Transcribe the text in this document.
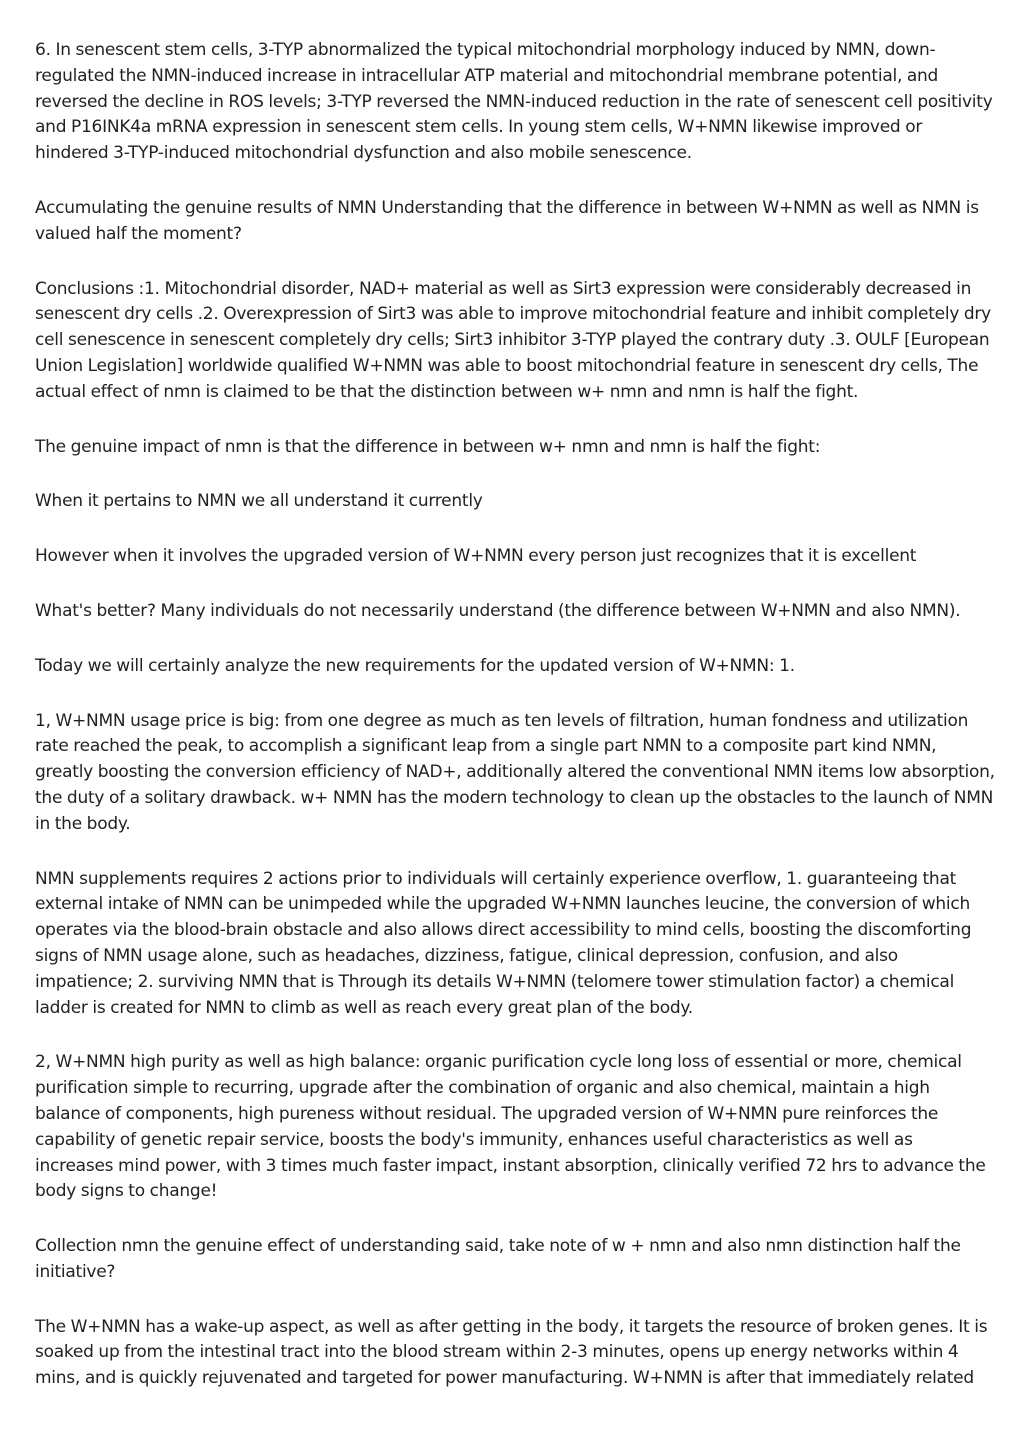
6. In senescent stem cells, 3-TYP abnormalized the typical mitochondrial morphology induced by NMN, down-regulated the NMN-induced increase in intracellular ATP material and mitochondrial membrane potential, and reversed the decline in ROS levels; 3-TYP reversed the NMN-induced reduction in the rate of senescent cell positivity and P16INK4a mRNA expression in senescent stem cells. In young stem cells, W+NMN likewise improved or hindered 3-TYP-induced mitochondrial dysfunction and also mobile senescence.

Accumulating the genuine results of NMN Understanding that the difference in between W+NMN as well as NMN is valued half the moment?

Conclusions :1. Mitochondrial disorder, NAD+ material as well as Sirt3 expression were considerably decreased in senescent dry cells .2. Overexpression of Sirt3 was able to improve mitochondrial feature and inhibit completely dry cell senescence in senescent completely dry cells; Sirt3 inhibitor 3-TYP played the contrary duty .3. OULF [European Union Legislation] worldwide qualified W+NMN was able to boost mitochondrial feature in senescent dry cells, The actual effect of nmn is claimed to be that the distinction between w+ nmn and nmn is half the fight.

The genuine impact of nmn is that the difference in between w+ nmn and nmn is half the fight:

When it pertains to NMN we all understand it currently

However when it involves the upgraded version of W+NMN every person just recognizes that it is excellent

What's better? Many individuals do not necessarily understand (the difference between W+NMN and also NMN).

Today we will certainly analyze the new requirements for the updated version of W+NMN: 1.

1, W+NMN usage price is big: from one degree as much as ten levels of filtration, human fondness and utilization rate reached the peak, to accomplish a significant leap from a single part NMN to a composite part kind NMN, greatly boosting the conversion efficiency of NAD+, additionally altered the conventional NMN items low absorption, the duty of a solitary drawback. w+ NMN has the modern technology to clean up the obstacles to the launch of NMN in the body.

NMN supplements requires 2 actions prior to individuals will certainly experience overflow, 1. guaranteeing that external intake of NMN can be unimpeded while the upgraded W+NMN launches leucine, the conversion of which operates via the blood-brain obstacle and also allows direct accessibility to mind cells, boosting the discomforting signs of NMN usage alone, such as headaches, dizziness, fatigue, clinical depression, confusion, and also impatience; 2. surviving NMN that is Through its details W+NMN (telomere tower stimulation factor) a chemical ladder is created for NMN to climb as well as reach every great plan of the body.

2, W+NMN high purity as well as high balance: organic purification cycle long loss of essential or more, chemical purification simple to recurring, upgrade after the combination of organic and also chemical, maintain a high balance of components, high pureness without residual. The upgraded version of W+NMN pure reinforces the capability of genetic repair service, boosts the body's immunity, enhances useful characteristics as well as increases mind power, with 3 times much faster impact, instant absorption, clinically verified 72 hrs to advance the body signs to change!

Collection nmn the genuine effect of understanding said, take note of w + nmn and also nmn distinction half the initiative?

The W+NMN has a wake-up aspect, as well as after getting in the body, it targets the resource of broken genes. It is soaked up from the intestinal tract into the blood stream within 2-3 minutes, opens up energy networks within 4 mins, and is quickly rejuvenated and targeted for power manufacturing. W+NMN is after that immediately related
